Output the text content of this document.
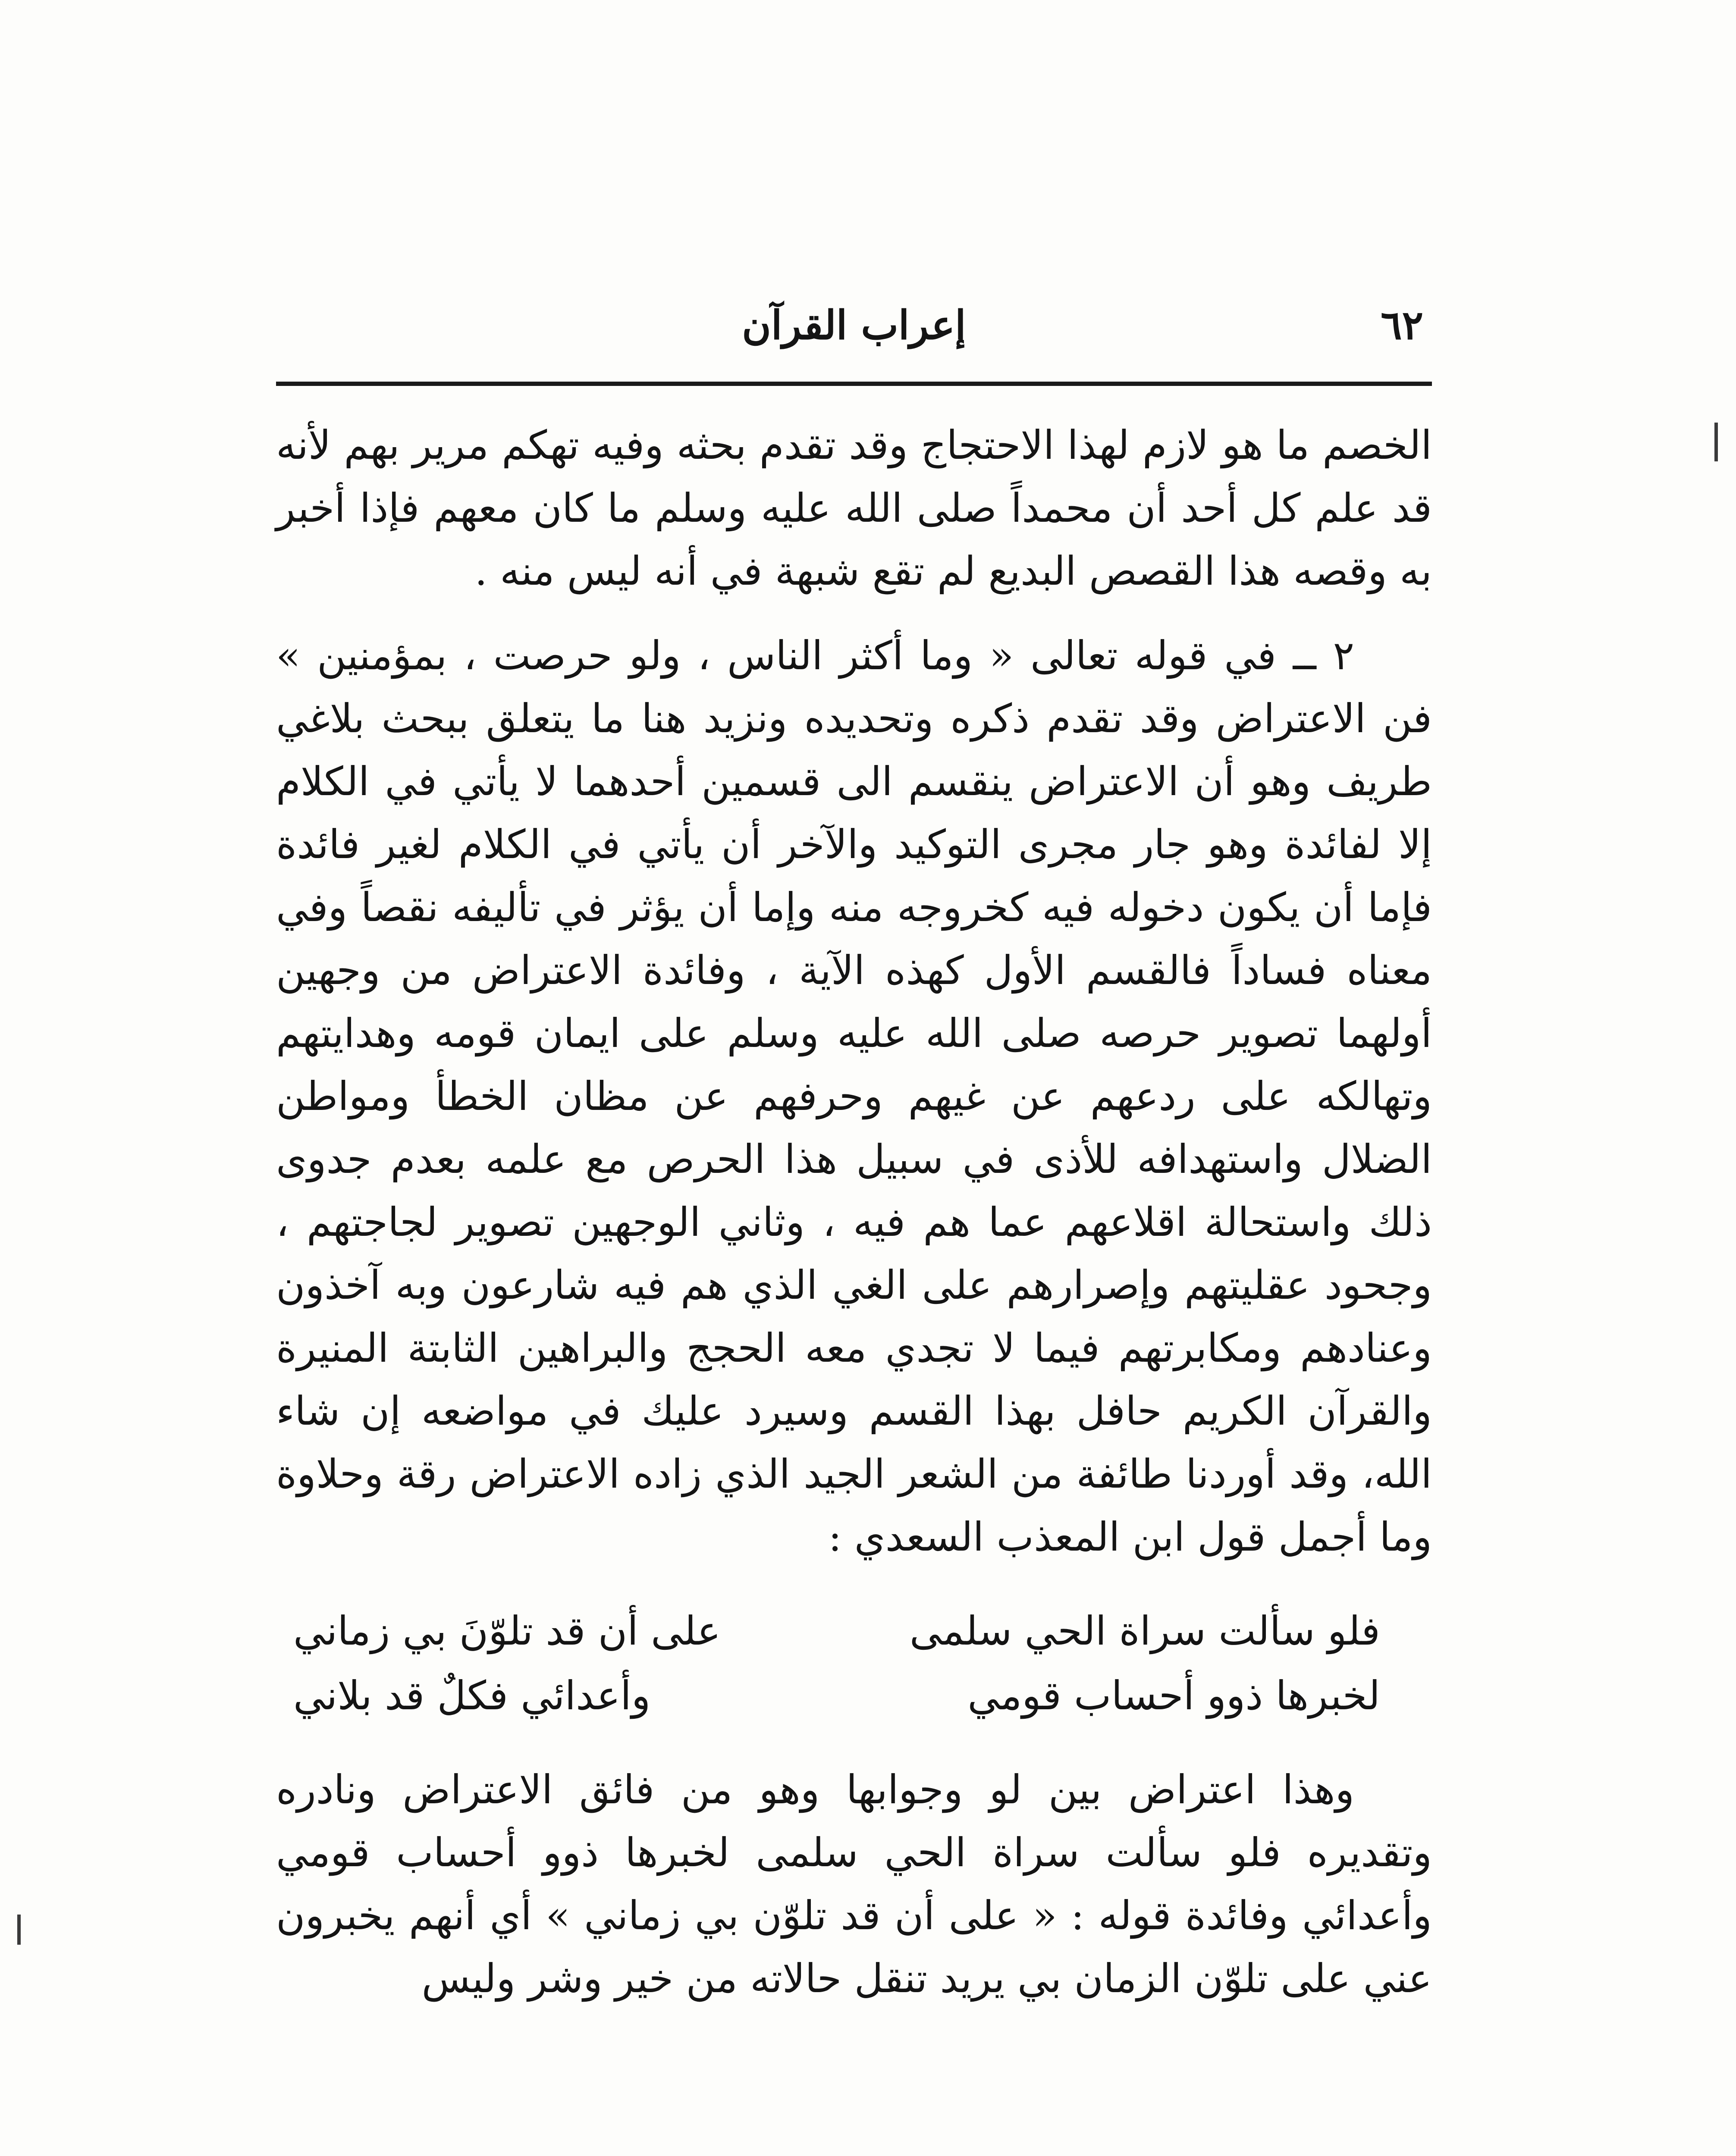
٦٢
إعراب القرآن

الخصم ما هو لازم لهذا الاحتجاج وقد تقدم بحثه وفيه تهكم مرير بهم لأنه قد علم كل أحد أن محمداً صلى الله عليه وسلم ما كان معهم فإذا أخبر به وقصه هذا القصص البديع لم تقع شبهة في أنه ليس منه .

٢ ــ في قوله تعالى « وما أكثر الناس ، ولو حرصت ، بمؤمنين » فن الاعتراض وقد تقدم ذكره وتحديده ونزيد هنا ما يتعلق ببحث بلاغي طريف وهو أن الاعتراض ينقسم الى قسمين أحدهما لا يأتي في الكلام إلا لفائدة وهو جار مجرى التوكيد والآخر أن يأتي في الكلام لغير فائدة فإما أن يكون دخوله فيه كخروجه منه وإما أن يؤثر في تأليفه نقصاً وفي معناه فساداً فالقسم الأول كهذه الآية ، وفائدة الاعتراض من وجهين أولهما تصوير حرصه صلى الله عليه وسلم على ايمان قومه وهدايتهم وتهالكه على ردعهم عن غيهم وحرفهم عن مظان الخطأ ومواطن الضلال واستهدافه للأذى في سبيل هذا الحرص مع علمه بعدم جدوى ذلك واستحالة اقلاعهم عما هم فيه ، وثاني الوجهين تصوير لجاجتهم ، وجحود عقليتهم وإصرارهم على الغي الذي هم فيه شارعون وبه آخذون وعنادهم ومكابرتهم فيما لا تجدي معه الحجج والبراهين الثابتة المنيرة والقرآن الكريم حافل بهذا القسم وسيرد عليك في مواضعه إن شاء الله، وقد أوردنا طائفة من الشعر الجيد الذي زاده الاعتراض رقة وحلاوة وما أجمل قول ابن المعذب السعدي :

فلو سألت سراة الحي سلمى
على أن قد تلوّنَ بي زماني
لخبرها ذوو أحساب قومي
وأعدائي فكلٌ قد بلاني

وهذا اعتراض بين لو وجوابها وهو من فائق الاعتراض ونادره وتقديره فلو سألت سراة الحي سلمى لخبرها ذوو أحساب قومي وأعدائي وفائدة قوله : « على أن قد تلوّن بي زماني » أي أنهم يخبرون عني على تلوّن الزمان بي يريد تنقل حالاته من خير وشر وليس
